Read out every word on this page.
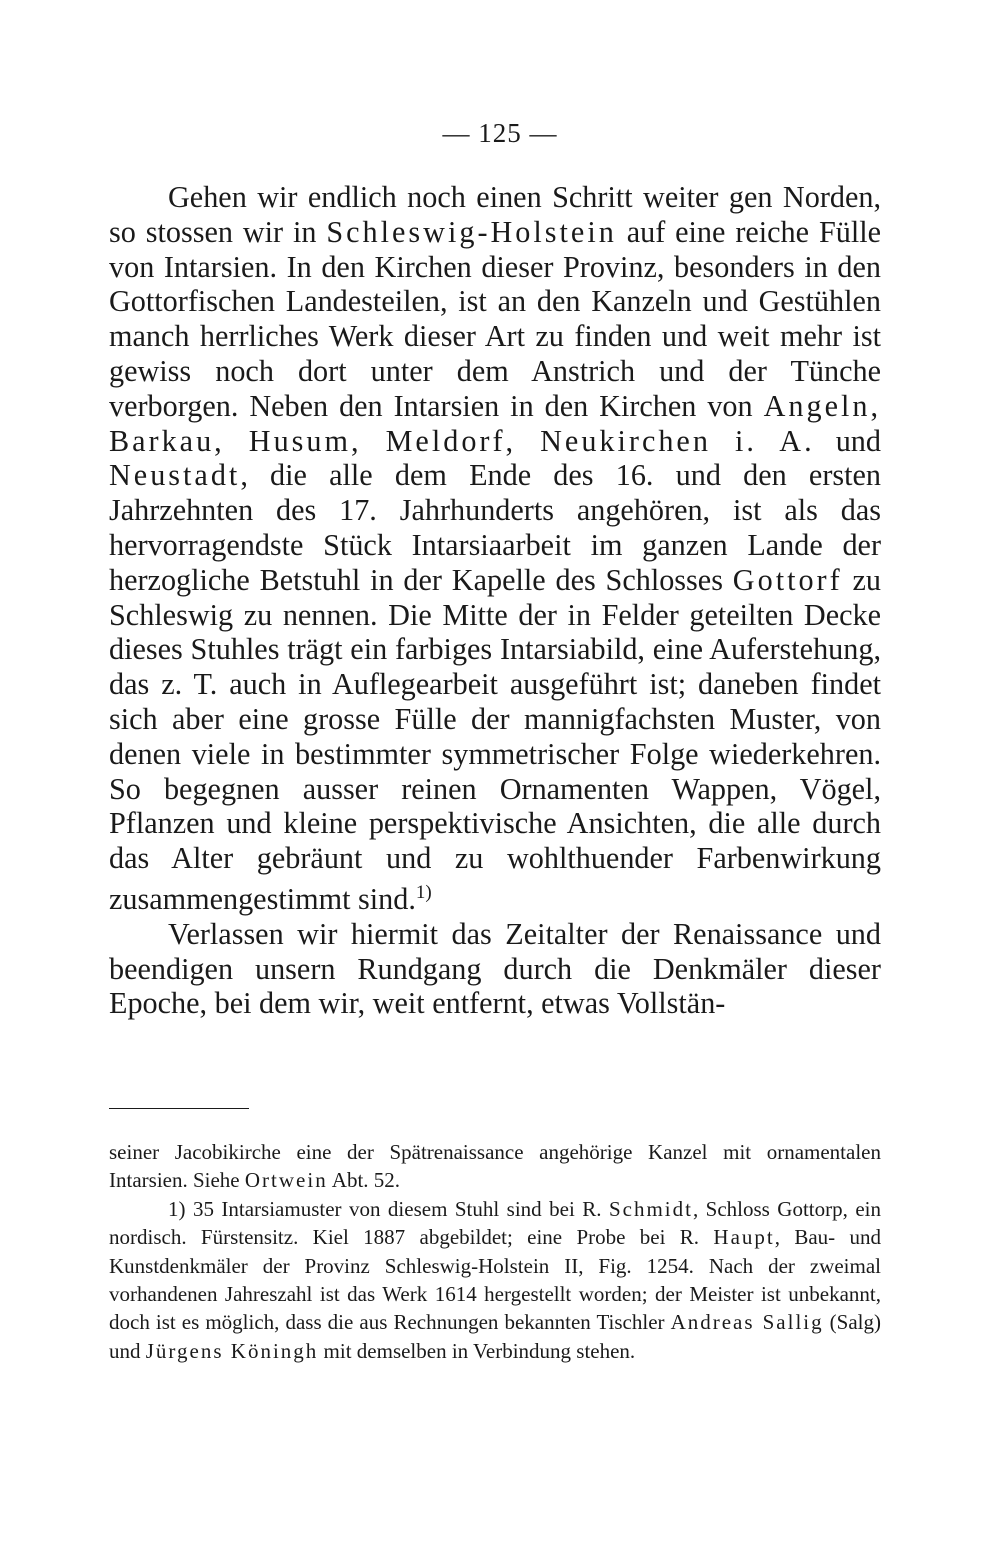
— 125 —

Gehen wir endlich noch einen Schritt weiter gen Norden, so stossen wir in Schleswig-Holstein auf eine reiche Fülle von Intarsien. In den Kirchen dieser Provinz, besonders in den Gottorfischen Landesteilen, ist an den Kanzeln und Gestühlen manch herrliches Werk dieser Art zu finden und weit mehr ist gewiss noch dort unter dem Anstrich und der Tünche verborgen. Neben den Intarsien in den Kirchen von Angeln, Barkau, Husum, Meldorf, Neukirchen i. A. und Neustadt, die alle dem Ende des 16. und den ersten Jahrzehnten des 17. Jahrhunderts angehören, ist als das hervorragendste Stück Intarsiaarbeit im ganzen Lande der herzogliche Betstuhl in der Kapelle des Schlosses Gottorf zu Schleswig zu nennen. Die Mitte der in Felder geteilten Decke dieses Stuhles trägt ein farbiges Intarsiabild, eine Auferstehung, das z. T. auch in Auflegearbeit ausgeführt ist; daneben findet sich aber eine grosse Fülle der mannigfachsten Muster, von denen viele in bestimmter symmetrischer Folge wiederkehren. So begegnen ausser reinen Ornamenten Wappen, Vögel, Pflanzen und kleine perspektivische Ansichten, die alle durch das Alter gebräunt und zu wohlthuender Farbenwirkung zusammengestimmt sind.$^{1)}$

Verlassen wir hiermit das Zeitalter der Renaissance und beendigen unsern Rundgang durch die Denkmäler dieser Epoche, bei dem wir, weit entfernt, etwas Vollstän-

seiner Jacobikirche eine der Spätrenaissance angehörige Kanzel mit ornamentalen Intarsien. Siehe Ortwein Abt. 52.

1) 35 Intarsiamuster von diesem Stuhl sind bei R. Schmidt, Schloss Gottorp, ein nordisch. Fürstensitz. Kiel 1887 abgebildet; eine Probe bei R. Haupt, Bau- und Kunstdenkmäler der Provinz Schleswig-Holstein II, Fig. 1254. Nach der zweimal vorhandenen Jahreszahl ist das Werk 1614 hergestellt worden; der Meister ist unbekannt, doch ist es möglich, dass die aus Rechnungen bekannten Tischler Andreas Sallig (Salg) und Jürgens Köningh mit demselben in Verbindung stehen.
